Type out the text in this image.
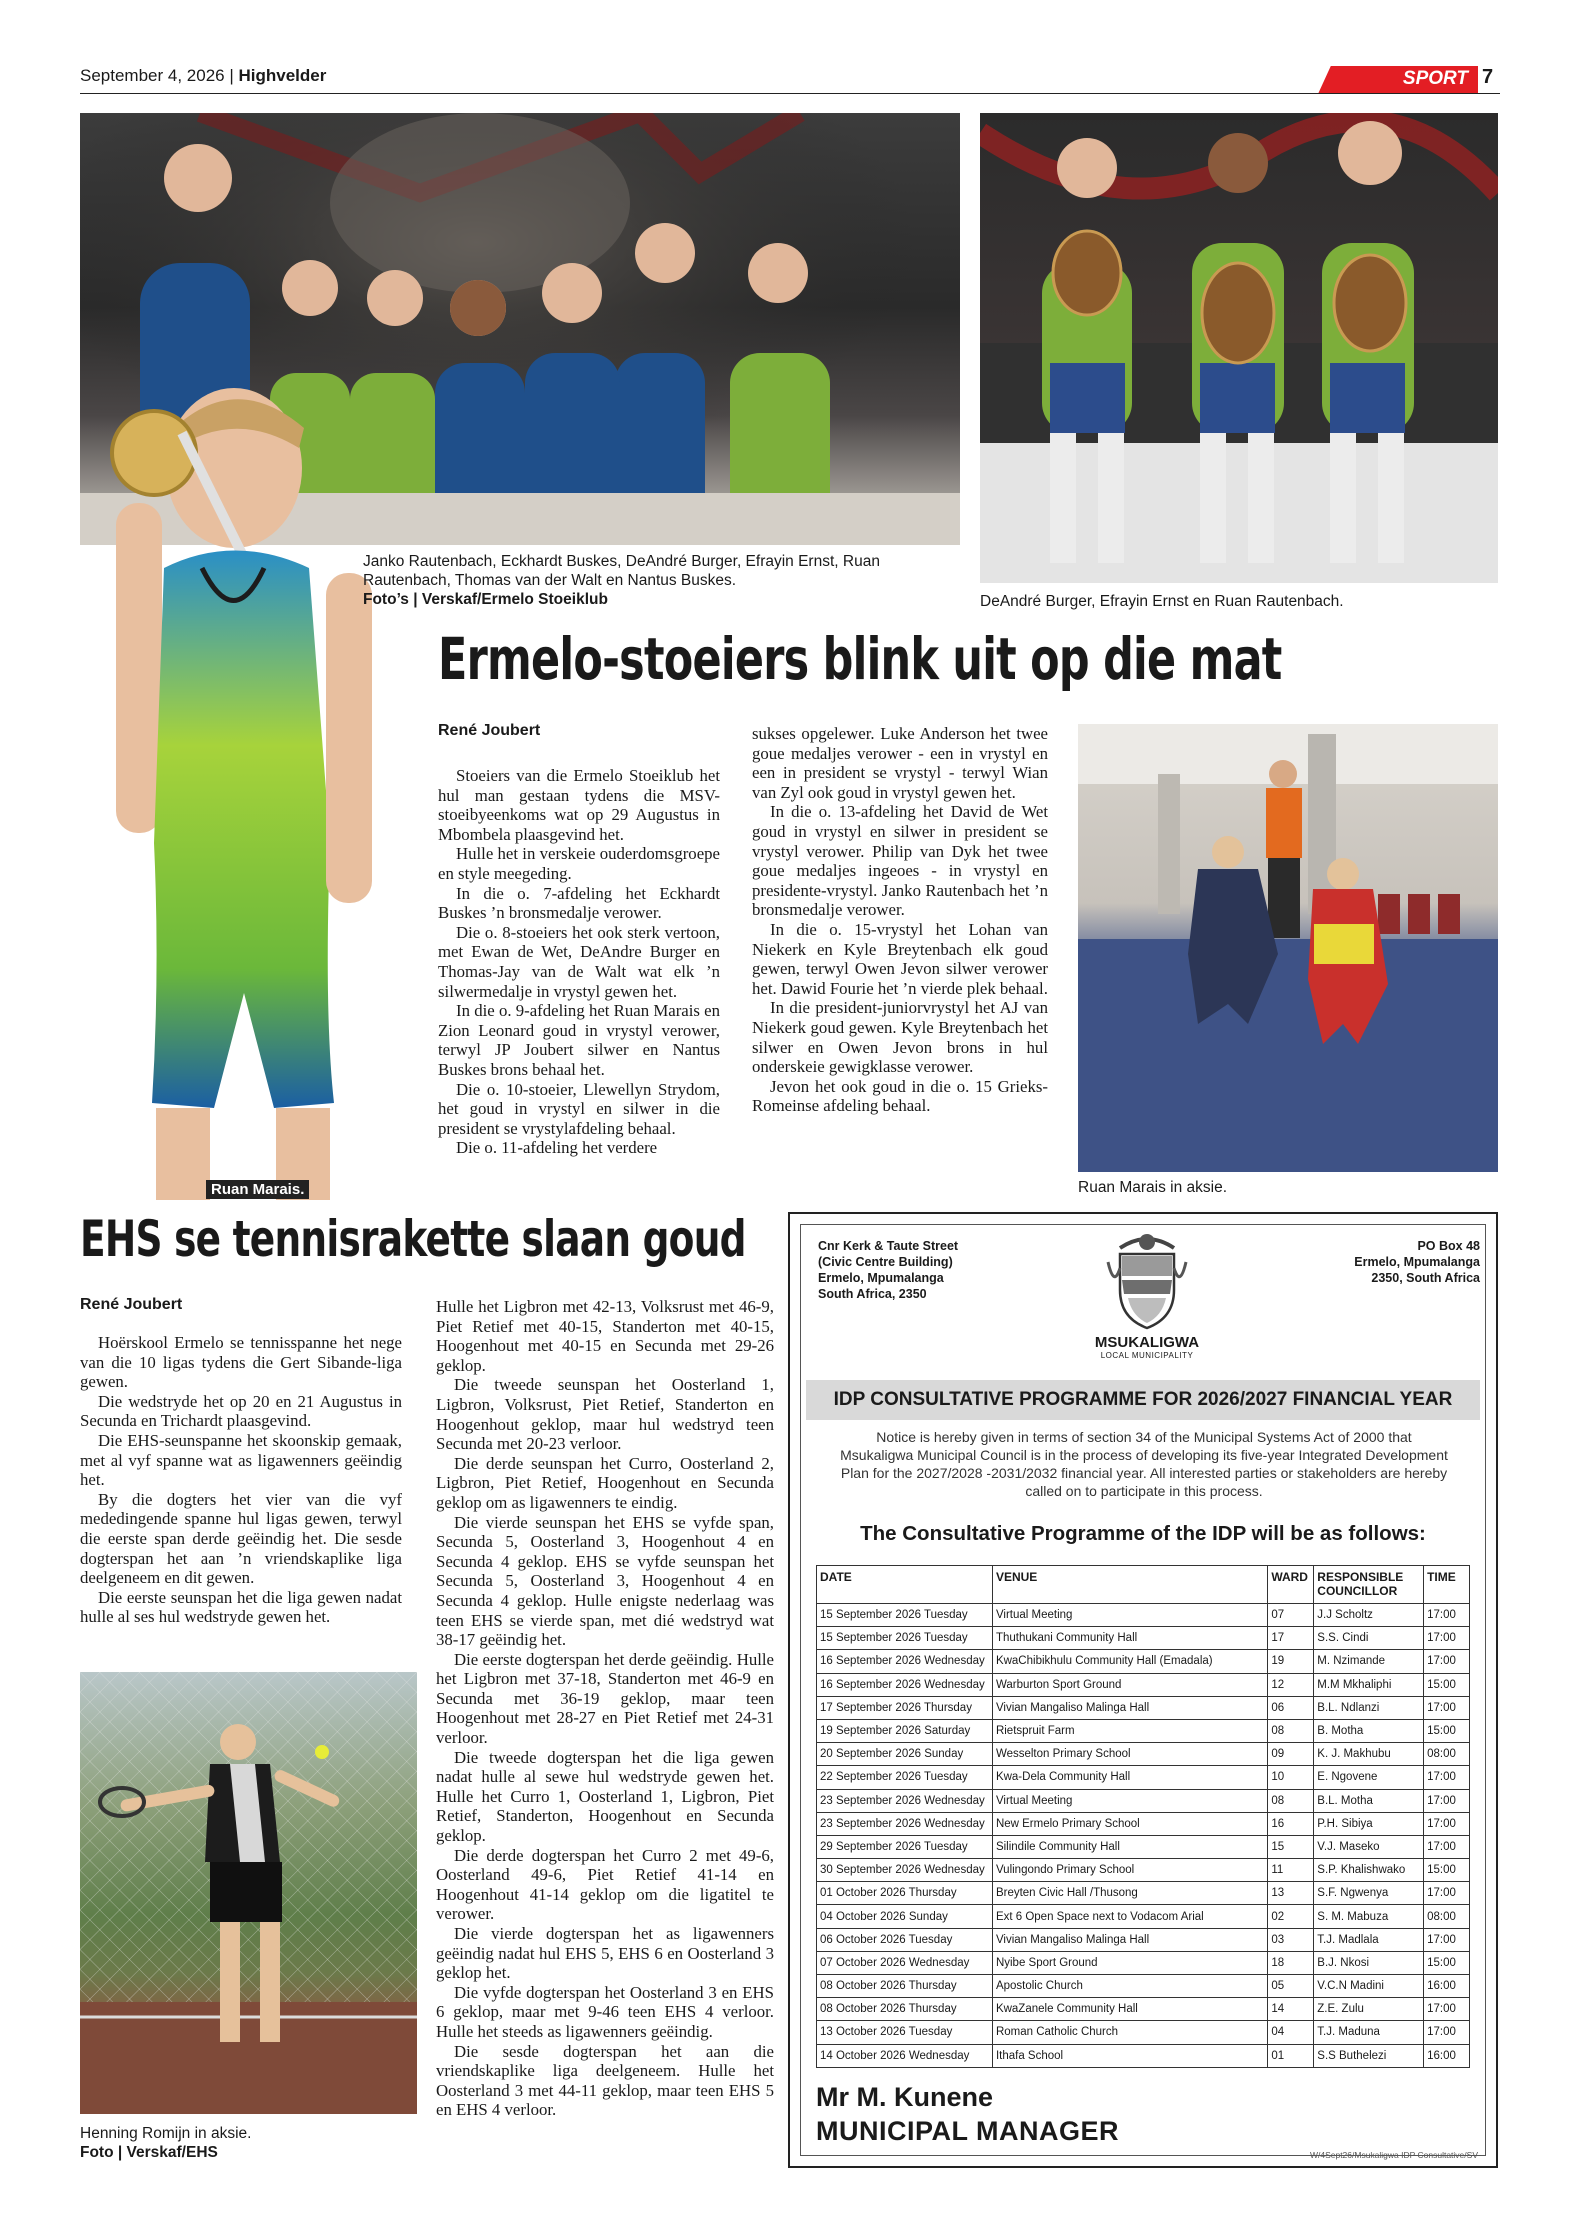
September 4, 2026 | Highvelder	SPORT 7
DeAndré Burger, Efrayin Ernst en Ruan Rautenbach.
Ruan Marais.
Janko Rautenbach, Eckhardt Buskes, DeAndré Burger, Efrayin Ernst, Ruan Rautenbach, Thomas van der Walt en Nantus Buskes.
Foto’s | Verskaf/Ermelo Stoeiklub
Ermelo-stoeiers blink uit op die mat
René Joubert

Stoeiers van die Ermelo Stoeiklub het hul man gestaan tydens die MSV-stoeibyeenkoms wat op 29 Augustus in Mbombela plaasgevind het.

Hulle het in verskeie ouderdomsgroepe en style meegeding.

In die o. 7-afdeling het Eckhardt Buskes ’n bronsmedalje verower.

Die o. 8-stoeiers het ook sterk vertoon, met Ewan de Wet, DeAndre Burger en Thomas-Jay van de Walt wat elk ’n silwermedalje in vrystyl gewen het.

In die o. 9-afdeling het Ruan Marais en Zion Leonard goud in vrystyl verower, terwyl JP Joubert silwer en Nantus Buskes brons behaal het.

Die o. 10-stoeier, Llewellyn Strydom, het goud in vrystyl en silwer in die president se vrystylafdeling behaal.

Die o. 11-afdeling het verdere

sukses opgelewer. Luke Anderson het twee goue medaljes verower - een in vrystyl en een in president se vrystyl - terwyl Wian van Zyl ook goud in vrystyl gewen het.

In die o. 13-afdeling het David de Wet goud in vrystyl en silwer in president se vrystyl verower. Philip van Dyk het twee goue medaljes ingeoes - in vrystyl en presidente-vrystyl. Janko Rautenbach het ’n bronsmedalje verower.

In die o. 15-vrystyl het Lohan van Niekerk en Kyle Breytenbach elk goud gewen, terwyl Owen Jevon silwer verower het. Dawid Fourie het ’n vierde plek behaal.

In die president-juniorvrystyl het AJ van Niekerk goud gewen. Kyle Breytenbach het silwer en Owen Jevon brons in hul onderskeie gewigklasse verower.

Jevon het ook goud in die o. 15 Grieks-Romeinse afdeling behaal.

Ruan Marais in aksie.
EHS se tennisrakette slaan goud
René Joubert

Hoërskool Ermelo se tennisspanne het nege van die 10 ligas tydens die Gert Sibande-liga gewen.

Die wedstryde het op 20 en 21 Augustus in Secunda en Trichardt plaasgevind.

Die EHS-seunspanne het skoonskip gemaak, met al vyf spanne wat as ligawenners geëindig het.

By die dogters het vier van die vyf mededingende spanne hul ligas gewen, terwyl die eerste span derde geëindig het. Die sesde dogterspan het aan ’n vriendskaplike liga deelgeneem en dit gewen.

Die eerste seunspan het die liga gewen nadat hulle al ses hul wedstryde gewen het.

Henning Romijn in aksie.
Foto | Verskaf/EHS

Hulle het Ligbron met 42-13, Volksrust met 46-9, Piet Retief met 40-15, Standerton met 40-15, Hoogenhout met 40-15 en Secunda met 29-26 geklop.

Die tweede seunspan het Oosterland 1, Ligbron, Volksrust, Piet Retief, Standerton en Hoogenhout geklop, maar hul wedstryd teen Secunda met 20-23 verloor.

Die derde seunspan het Curro, Oosterland 2, Ligbron, Piet Retief, Hoogenhout en Secunda geklop om as ligawenners te eindig.

Die vierde seunspan het EHS se vyfde span, Secunda 5, Oosterland 3, Hoogenhout 4 en Secunda 4 geklop. EHS se vyfde seunspan het Secunda 5, Oosterland 3, Hoogenhout 4 en Secunda 4 geklop. Hulle enigste nederlaag was teen EHS se vierde span, met dié wedstryd wat 38-17 geëindig het.

Die eerste dogterspan het derde geëindig. Hulle het Ligbron met 37-18, Standerton met 46-9 en Secunda met 36-19 geklop, maar teen Hoogenhout met 28-27 en Piet Retief met 24-31 verloor.

Die tweede dogterspan het die liga gewen nadat hulle al sewe hul wedstryde gewen het. Hulle het Curro 1, Oosterland 1, Ligbron, Piet Retief, Standerton, Hoogenhout en Secunda geklop.

Die derde dogterspan het Curro 2 met 49-6, Oosterland 49-6, Piet Retief 41-14 en Hoogenhout 41-14 geklop om die ligatitel te verower.

Die vierde dogterspan het as ligawenners geëindig nadat hul EHS 5, EHS 6 en Oosterland 3 geklop het.

Die vyfde dogterspan het Oosterland 3 en EHS 6 geklop, maar met 9-46 teen EHS 4 verloor. Hulle het steeds as ligawenners geëindig.

Die sesde dogterspan het aan die vriendskaplike liga deelgeneem. Hulle het Oosterland 3 met 44-11 geklop, maar teen EHS 5 en EHS 4 verloor.

Cnr Kerk & Taute Street
(Civic Centre Building)
Ermelo, Mpumalanga
South Africa, 2350
PO Box 48
Ermelo, Mpumalanga
2350, South Africa
MSUKALIGWA
LOCAL MUNICIPALITY
IDP CONSULTATIVE PROGRAMME FOR 2026/2027 FINANCIAL YEAR
Notice is hereby given in terms of section 34 of the Municipal Systems Act of 2000 that Msukaligwa Municipal Council is in the process of developing its five-year Integrated Development Plan for the 2027/2028 -2031/2032 financial year. All interested parties or stakeholders are hereby called on to participate in this process.
The Consultative Programme of the IDP will be as follows:
DATE	VENUE	WARD	RESPONSIBLE COUNCILLOR	TIME
15 September 2026 Tuesday	Virtual Meeting	07	J.J Scholtz	17:00
15 September 2026 Tuesday	Thuthukani Community Hall	17	S.S. Cindi	17:00
16 September 2026 Wednesday	KwaChibikhulu Community Hall (Emadala)	19	M. Nzimande	17:00
16 September 2026 Wednesday	Warburton Sport Ground	12	M.M Mkhaliphi	15:00
17 September 2026 Thursday	Vivian Mangaliso Malinga Hall	06	B.L. Ndlanzi	17:00
19 September 2026 Saturday	Rietspruit Farm	08	B. Motha	15:00
20 September 2026 Sunday	Wesselton Primary School	09	K. J. Makhubu	08:00
22 September 2026 Tuesday	Kwa-Dela Community Hall	10	E. Ngovene	17:00
23 September 2026 Wednesday	Virtual Meeting	08	B.L. Motha	17:00
23 September 2026 Wednesday	New Ermelo Primary School	16	P.H. Sibiya	17:00
29 September 2026 Tuesday	Silindile Community Hall	15	V.J. Maseko	17:00
30 September 2026 Wednesday	Vulingondo Primary School	11	S.P. Khalishwako	15:00
01 October 2026 Thursday	Breyten Civic Hall /Thusong	13	S.F. Ngwenya	17:00
04 October 2026 Sunday	Ext 6 Open Space next to Vodacom Arial	02	S. M. Mabuza	08:00
06 October 2026 Tuesday	Vivian Mangaliso Malinga Hall	03	T.J. Madlala	17:00
07 October 2026 Wednesday	Nyibe Sport Ground	18	B.J. Nkosi	15:00
08 October 2026 Thursday	Apostolic Church	05	V.C.N Madini	16:00
08 October 2026 Thursday	KwaZanele Community Hall	14	Z.E. Zulu	17:00
13 October 2026 Tuesday	Roman Catholic Church	04	T.J. Maduna	17:00
14 October 2026 Wednesday	Ithafa School	01	S.S Buthelezi	16:00
Mr M. Kunene
MUNICIPAL MANAGER
W/4Sept26/Msukaligwa IDP Consultative/SV
